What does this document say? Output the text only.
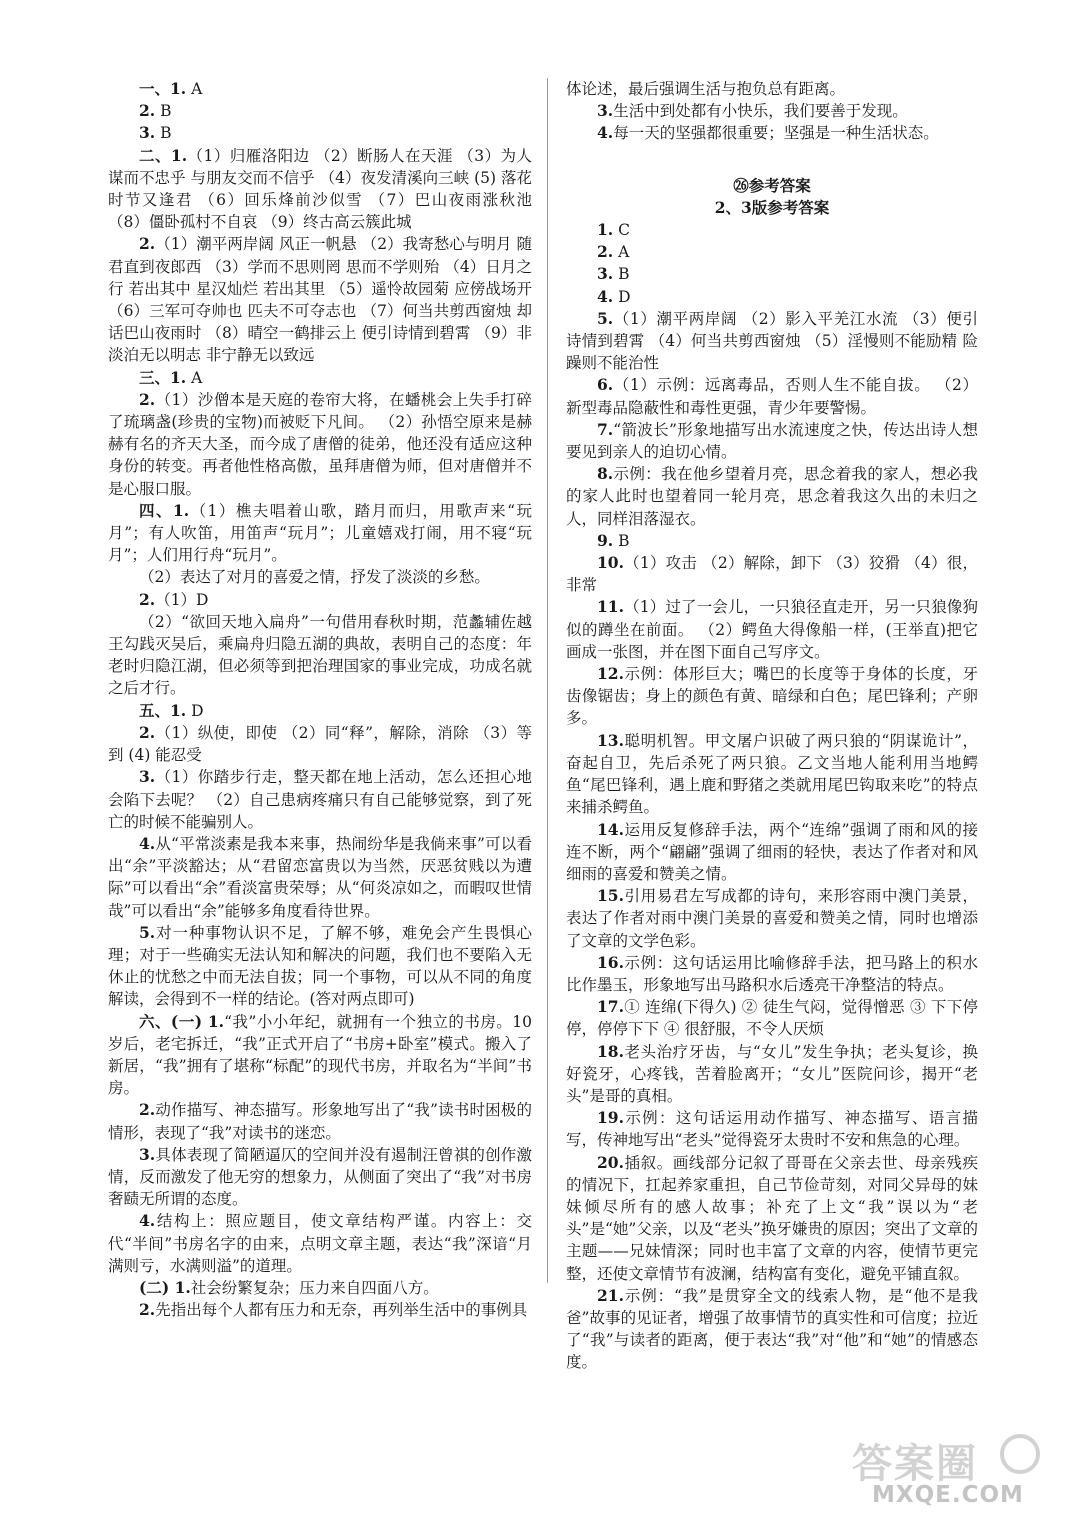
一、1. A

2. B

3. B

二、1.（1）归雁洛阳边 （2）断肠人在天涯 （3）为人谋而不忠乎 与朋友交而不信乎 （4）夜发清溪向三峡 (5) 落花时节又逢君 （6）回乐烽前沙似雪 （7）巴山夜雨涨秋池 （8）僵卧孤村不自哀 （9）终古高云簇此城

2.（1）潮平两岸阔 风正一帆悬 （2）我寄愁心与明月 随君直到夜郎西 （3）学而不思则罔 思而不学则殆 （4）日月之行 若出其中 星汉灿烂 若出其里 （5）遥怜故园菊 应傍战场开 （6）三军可夺帅也 匹夫不可夺志也 （7）何当共剪西窗烛 却话巴山夜雨时 （8）晴空一鹤排云上 便引诗情到碧霄 （9）非淡泊无以明志 非宁静无以致远

三、1. A

2.（1）沙僧本是天庭的卷帘大将，在蟠桃会上失手打碎了琉璃盏(珍贵的宝物)而被贬下凡间。 （2）孙悟空原来是赫赫有名的齐天大圣，而今成了唐僧的徒弟，他还没有适应这种身份的转变。再者他性格高傲，虽拜唐僧为师，但对唐僧并不是心服口服。

四、1.（1）樵夫唱着山歌，踏月而归，用歌声来“玩月”；有人吹笛，用笛声“玩月”；儿童嬉戏打闹，用不寝“玩月”；人们用行舟“玩月”。

（2）表达了对月的喜爱之情，抒发了淡淡的乡愁。

2.（1）D

（2）“欲回天地入扁舟”一句借用春秋时期，范蠡辅佐越王勾践灭吴后，乘扁舟归隐五湖的典故，表明自己的态度：年老时归隐江湖，但必须等到把治理国家的事业完成，功成名就之后才行。

五、1. D

2.（1）纵使，即使 （2）同“释”，解除，消除 （3）等到 (4) 能忍受

3.（1）你踏步行走，整天都在地上活动，怎么还担心地会陷下去呢？ （2）自己患病疼痛只有自己能够觉察，到了死亡的时候不能骗别人。

4.从“平常淡素是我本来事，热闹纷华是我倘来事”可以看出“余”平淡豁达；从“君留恋富贵以为当然，厌恶贫贱以为遭际”可以看出“余”看淡富贵荣辱；从“何炎凉如之，而暇叹世情哉”可以看出“余”能够多角度看待世界。

5.对一种事物认识不足，了解不够，难免会产生畏惧心理；对于一些确实无法认知和解决的问题，我们也不要陷入无休止的忧愁之中而无法自拔；同一个事物，可以从不同的角度解读，会得到不一样的结论。(答对两点即可)

六、(一) 1.“我”小小年纪，就拥有一个独立的书房。10岁后，老宅拆迁，“我”正式开启了“书房+卧室”模式。搬入了新居，“我”拥有了堪称“标配”的现代书房，并取名为“半间”书房。

2.动作描写、神态描写。形象地写出了“我”读书时困极的情形，表现了“我”对读书的迷恋。

3.具体表现了简陋逼仄的空间并没有遏制汪曾祺的创作激情，反而激发了他无穷的想象力，从侧面了突出了“我”对书房奢赜无所谓的态度。

4.结构上：照应题目，使文章结构严谨。内容上：交代“半间”书房名字的由来，点明文章主题，表达“我”深谙“月满则亏，水满则溢”的道理。

(二) 1.社会纷繁复杂；压力来自四面八方。

2.先指出每个人都有压力和无奈，再列举生活中的事例具

体论述，最后强调生活与抱负总有距离。

3.生活中到处都有小快乐，我们要善于发现。

4.每一天的坚强都很重要；坚强是一种生活状态。

㉖参考答案

2、3版参考答案

1. C

2. A

3. B

4. D

5.（1）潮平两岸阔 （2）影入平羌江水流 （3）便引诗情到碧霄 （4）何当共剪西窗烛 （5）淫慢则不能励精 险躁则不能治性

6.（1）示例：远离毒品，否则人生不能自拔。 （2）新型毒品隐蔽性和毒性更强，青少年要警惕。

7.“箭波长”形象地描写出水流速度之快，传达出诗人想要见到亲人的迫切心情。

8.示例：我在他乡望着月亮，思念着我的家人，想必我的家人此时也望着同一轮月亮，思念着我这久出的未归之人，同样泪落湿衣。

9. B

10.（1）攻击 （2）解除，卸下 （3）狡猾 （4）很，非常

11.（1）过了一会儿，一只狼径直走开，另一只狼像狗似的蹲坐在前面。 （2）鳄鱼大得像船一样，(王举直)把它画成一张图，并在图下面自己写序文。

12.示例：体形巨大；嘴巴的长度等于身体的长度，牙齿像锯齿；身上的颜色有黄、暗绿和白色；尾巴锋利；产卵多。

13.聪明机智。甲文屠户识破了两只狼的“阴谋诡计”，奋起自卫，先后杀死了两只狼。乙文当地人能利用当地鳄鱼“尾巴锋利，遇上鹿和野猪之类就用尾巴钩取来吃”的特点来捕杀鳄鱼。

14.运用反复修辞手法，两个“连绵”强调了雨和风的接连不断，两个“翩翩”强调了细雨的轻快，表达了作者对和风细雨的喜爱和赞美之情。

15.引用易君左写成都的诗句，来形容雨中澳门美景，表达了作者对雨中澳门美景的喜爱和赞美之情，同时也增添了文章的文学色彩。

16.示例：这句话运用比喻修辞手法，把马路上的积水比作墨玉，形象地写出马路积水后透亮干净整洁的特点。

17.① 连绵(下得久) ② 徒生气闷，觉得憎恶 ③ 下下停停，停停下下 ④ 很舒服，不令人厌烦

18.老头治疗牙齿，与“女儿”发生争执；老头复诊，换好瓷牙，心疼钱，苦着脸离开；“女儿”医院问诊，揭开“老头”是哥的真相。

19.示例：这句话运用动作描写、神态描写、语言描写，传神地写出“老头”觉得瓷牙太贵时不安和焦急的心理。

20.插叙。画线部分记叙了哥哥在父亲去世、母亲残疾的情况下，扛起养家重担，自己节俭苛刻，对同父异母的妹妹倾尽所有的感人故事；补充了上文“我”误以为“老头”是“她”父亲，以及“老头”换牙嫌贵的原因；突出了文章的主题——兄妹情深；同时也丰富了文章的内容，使情节更完整，还使文章情节有波澜，结构富有变化，避免平铺直叙。

21.示例：“我”是贯穿全文的线索人物，是“他不是我爸”故事的见证者，增强了故事情节的真实性和可信度；拉近了“我”与读者的距离，便于表达“我”对“他”和“她”的情感态度。

答案圈
MXQE.COM
